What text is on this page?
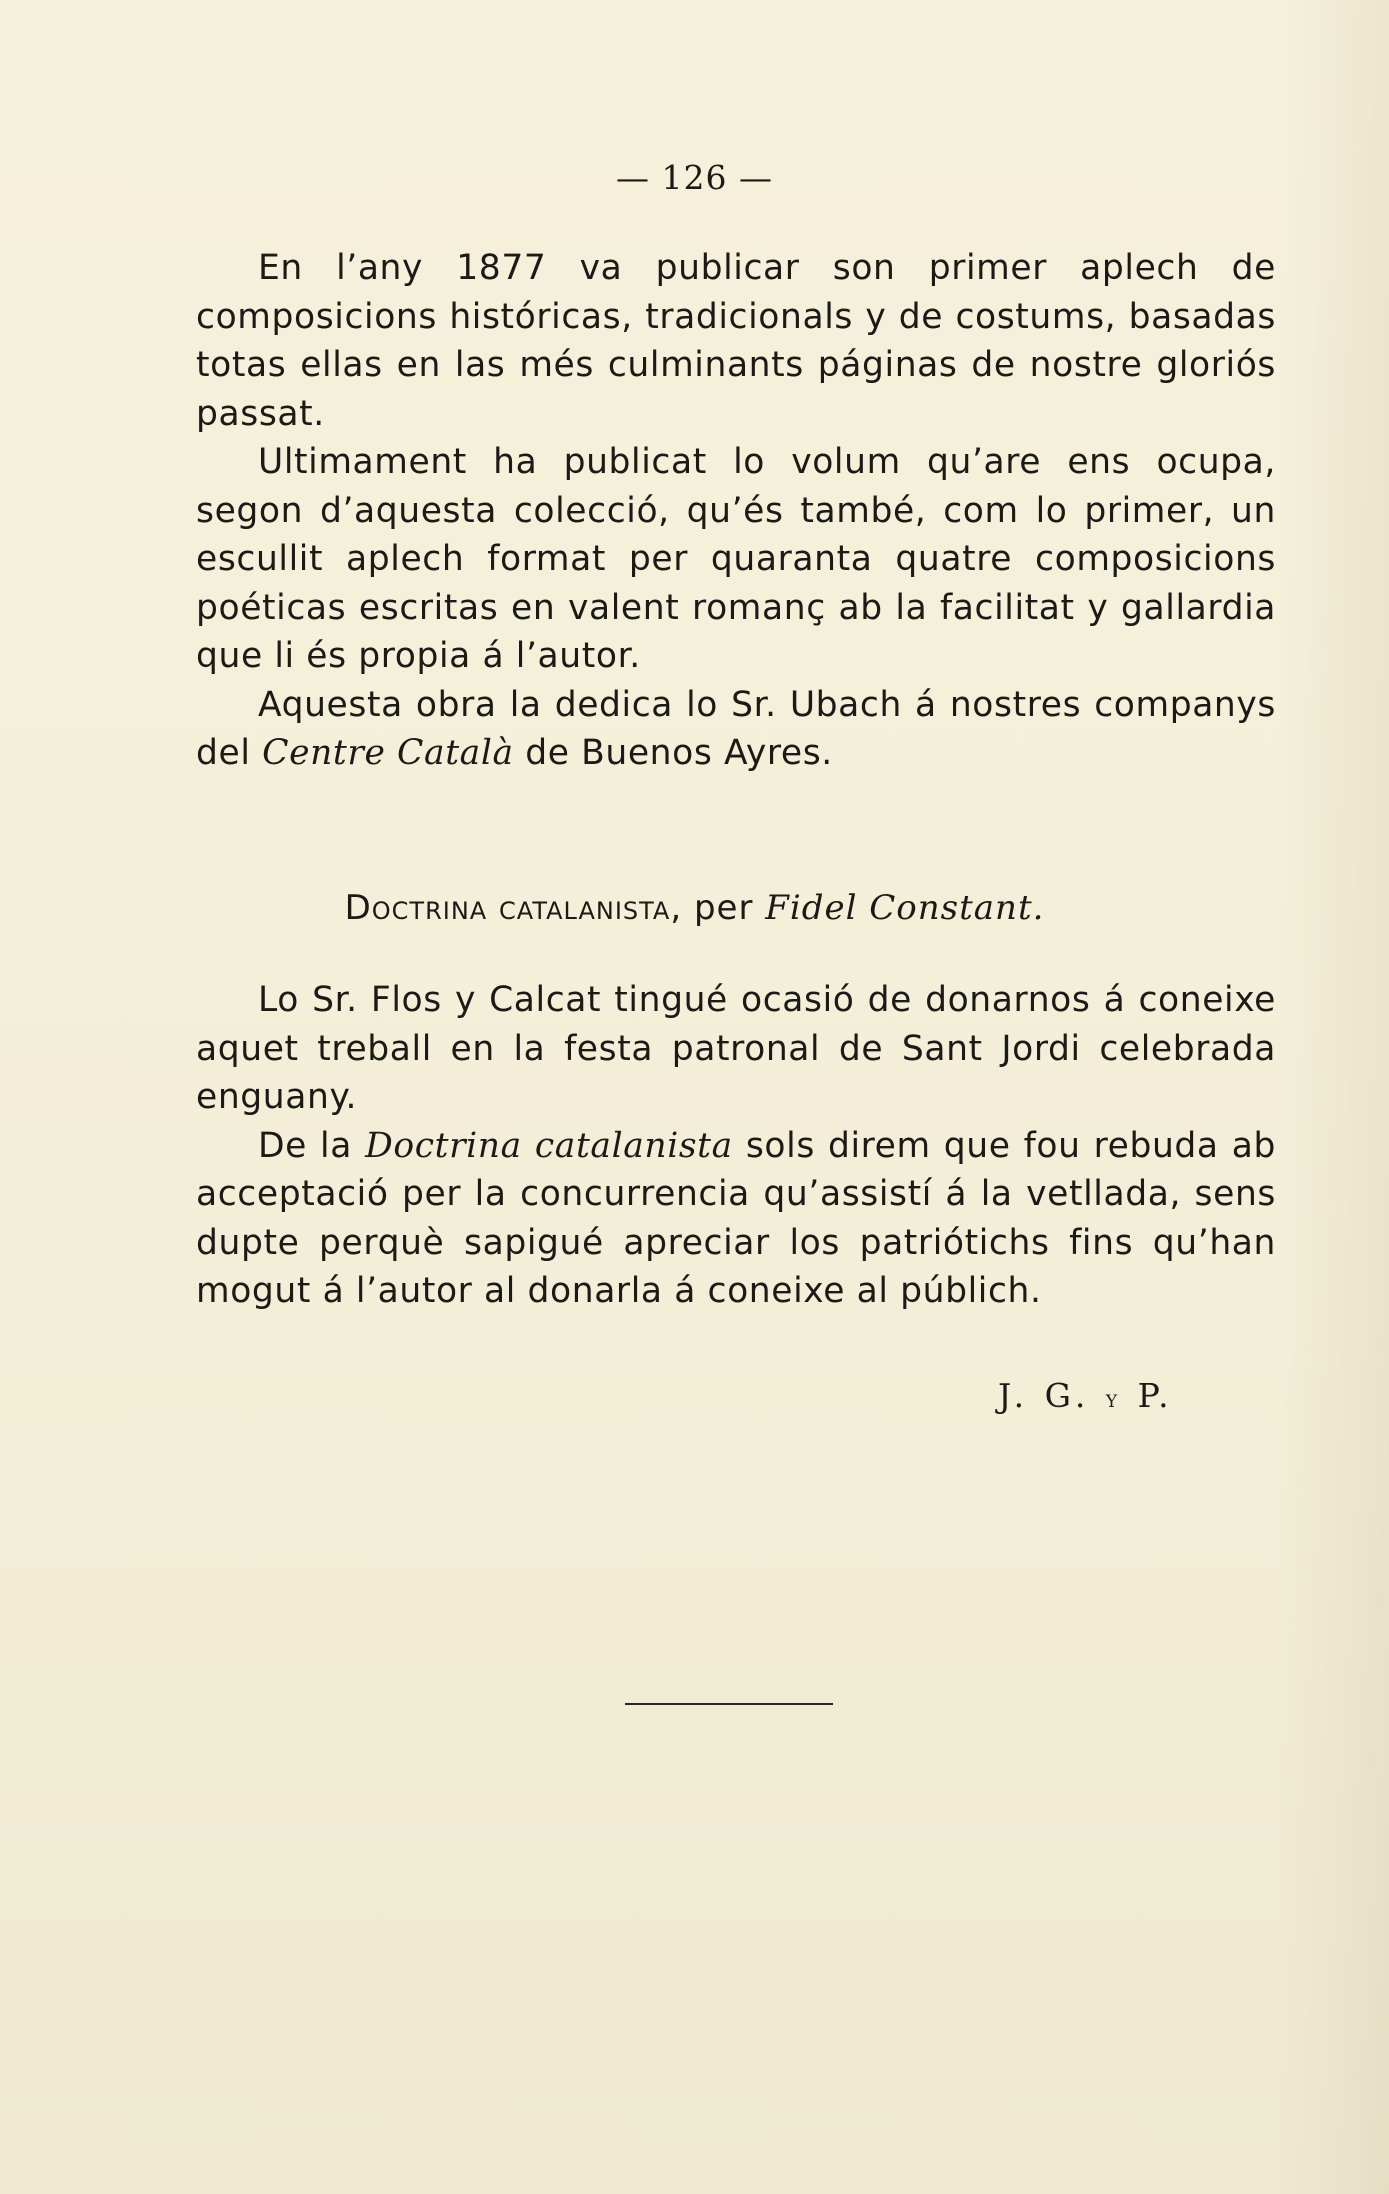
— 126 —

En l’any 1877 va publicar son primer aplech de composicions históricas, tradicionals y de costums, basadas totas ellas en las més culminants páginas de nostre gloriós passat.

Ultimament ha publicat lo volum qu’are ens ocupa, segon d’aquesta colecció, qu’és també, com lo primer, un escullit aplech format per quaranta quatre composicions poéticas escritas en valent romanç ab la facilitat y gallardia que li és propia á l’autor.

Aquesta obra la dedica lo Sr. Ubach á nostres companys del Centre Català de Buenos Ayres.

Doctrina catalanista, per Fidel Constant.

Lo Sr. Flos y Calcat tingué ocasió de donarnos á coneixe aquet treball en la festa patronal de Sant Jordi celebrada enguany.

De la Doctrina catalanista sols direm que fou rebuda ab acceptació per la concurrencia qu’assistí á la vetllada, sens dupte perquè sapigué apreciar los patriótichs fins qu’han mogut á l’autor al donarla á coneixe al públich.

J. G. y P.
